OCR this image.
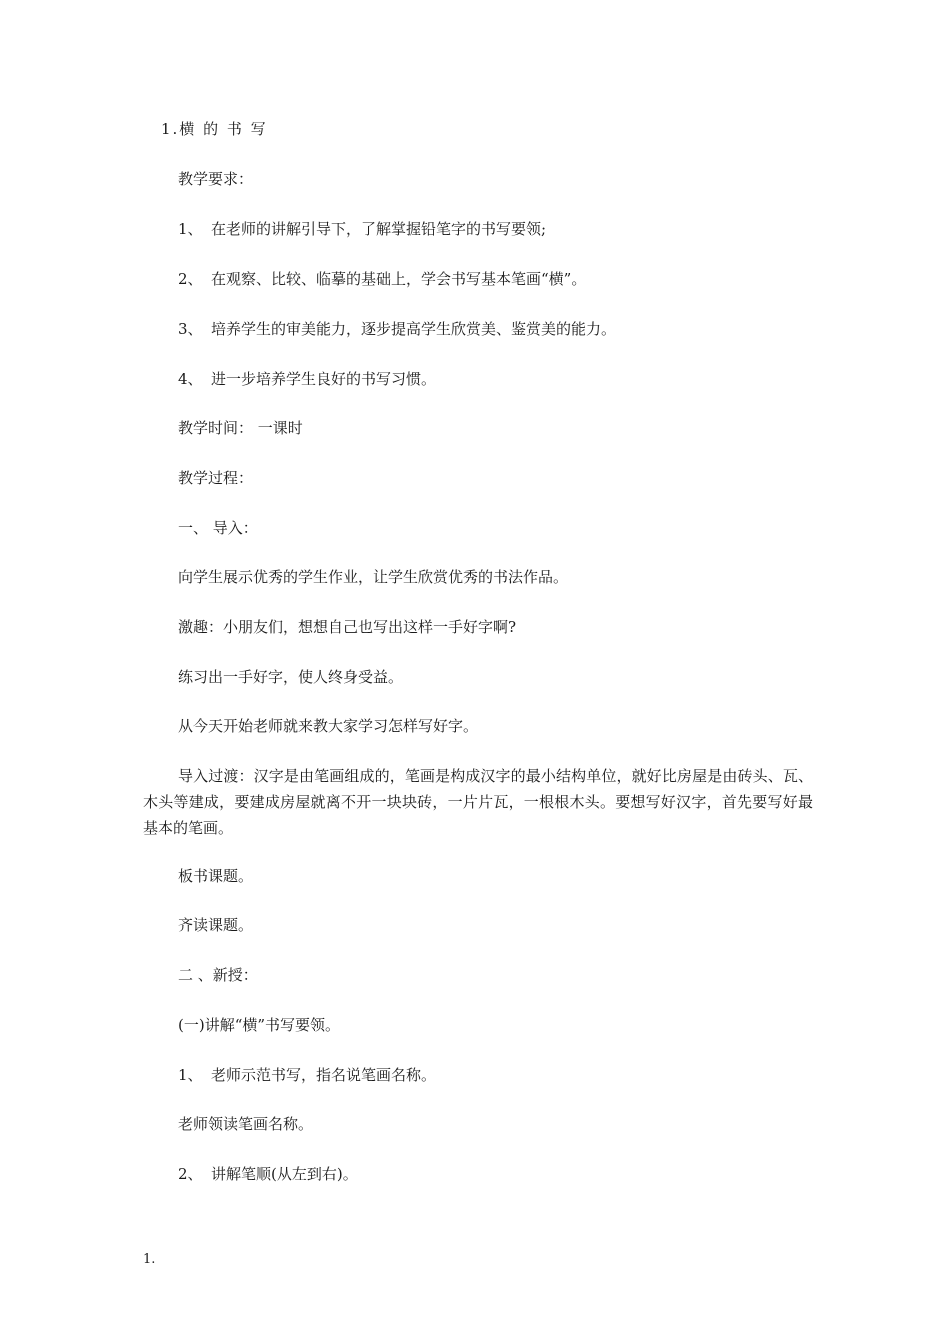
1.横 的 书 写
教学要求：
1、 在老师的讲解引导下，了解掌握铅笔字的书写要领;
2、 在观察、比较、临摹的基础上，学会书写基本笔画“横”。
3、 培养学生的审美能力，逐步提高学生欣赏美、鉴赏美的能力。
4、 进一步培养学生良好的书写习惯。
教学时间： 一课时
教学过程：
一、 导入：
向学生展示优秀的学生作业，让学生欣赏优秀的书法作品。
激趣：小朋友们，想想自己也写出这样一手好字啊?
练习出一手好字，使人终身受益。
从今天开始老师就来教大家学习怎样写好字。
导入过渡：汉字是由笔画组成的，笔画是构成汉字的最小结构单位，就好比房屋是由砖头、瓦、木头等建成，要建成房屋就离不开一块块砖，一片片瓦，一根根木头。要想写好汉字，首先要写好最基本的笔画。
板书课题。
齐读课题。
二 、新授：
(一)讲解“横”书写要领。
1、 老师示范书写，指名说笔画名称。
老师领读笔画名称。
2、 讲解笔顺(从左到右)。
1.
